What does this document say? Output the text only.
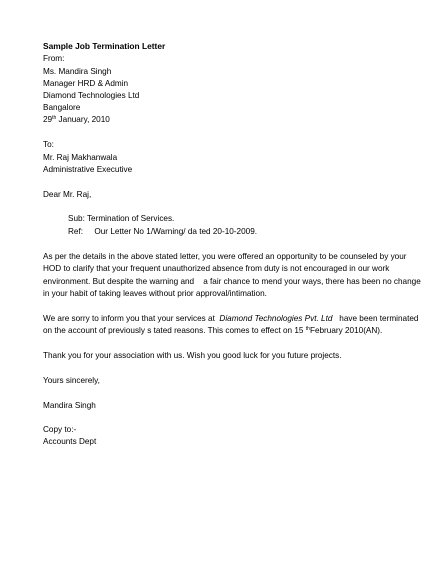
Sample Job Termination Letter
From:
Ms. Mandira Singh
Manager HRD & Admin
Diamond Technologies Ltd
Bangalore
29th January, 2010
To:
Mr. Raj Makhanwala
Administrative Executive
Dear Mr. Raj,
Sub: Termination of Services.
Ref:     Our Letter No 1/Warning/ da ted 20-10-2009.
As per the details in the above stated letter, you were offered an opportunity to be counseled by your
HOD to clarify that your frequent unauthorized absence from duty is not encouraged in our work
environment. But despite the warning and    a fair chance to mend your ways, there has been no change
in your habit of taking leaves without prior approval/intimation.
We are sorry to inform you that your services at  Diamond Technologies Pvt. Ltd   have been terminated
on the account of previously s tated reasons. This comes to effect on 15 $^{th}$February 2010(AN).
Thank you for your association with us. Wish you good luck for you future projects.
Yours sincerely,
Mandira Singh
Copy to:-
Accounts Dept
